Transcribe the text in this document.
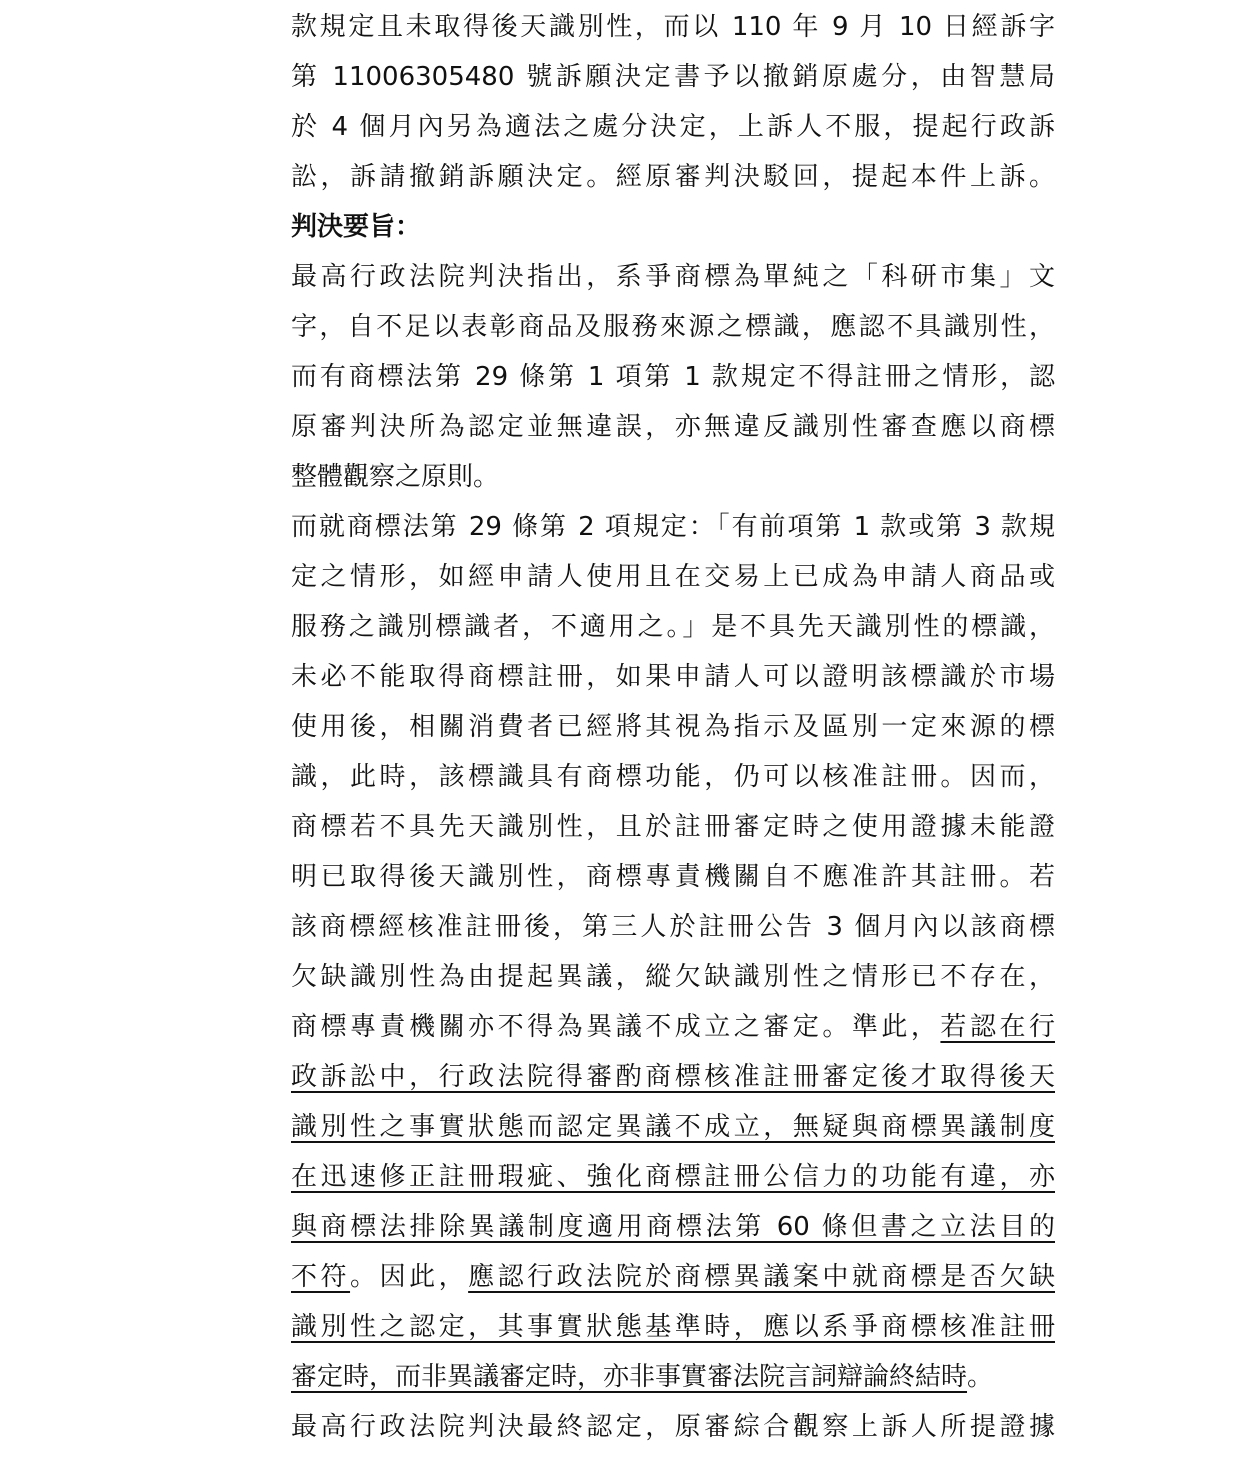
款規定且未取得後天識別性，而以 110 年 9 月 10 日經訴字
第 11006305480 號訴願決定書予以撤銷原處分，由智慧局
於 4 個月內另為適法之處分決定，上訴人不服，提起行政訴
訟，訴請撤銷訴願決定。經原審判決駁回，提起本件上訴。
判決要旨：
最高行政法院判決指出，系爭商標為單純之「科研市集」文
字，自不足以表彰商品及服務來源之標識，應認不具識別性，
而有商標法第 29 條第 1 項第 1 款規定不得註冊之情形，認
原審判決所為認定並無違誤，亦無違反識別性審查應以商標
整體觀察之原則。
而就商標法第 29 條第 2 項規定：「有前項第 1 款或第 3 款規
定之情形，如經申請人使用且在交易上已成為申請人商品或
服務之識別標識者，不適用之。」是不具先天識別性的標識，
未必不能取得商標註冊，如果申請人可以證明該標識於市場
使用後，相關消費者已經將其視為指示及區別一定來源的標
識，此時，該標識具有商標功能，仍可以核准註冊。因而，
商標若不具先天識別性，且於註冊審定時之使用證據未能證
明已取得後天識別性，商標專責機關自不應准許其註冊。若
該商標經核准註冊後，第三人於註冊公告 3 個月內以該商標
欠缺識別性為由提起異議，縱欠缺識別性之情形已不存在，
商標專責機關亦不得為異議不成立之審定。準此，若認在行
政訴訟中，行政法院得審酌商標核准註冊審定後才取得後天
識別性之事實狀態而認定異議不成立，無疑與商標異議制度
在迅速修正註冊瑕疵、強化商標註冊公信力的功能有違，亦
與商標法排除異議制度適用商標法第 60 條但書之立法目的
不符。因此，應認行政法院於商標異議案中就商標是否欠缺
識別性之認定，其事實狀態基準時，應以系爭商標核准註冊
審定時，而非異議審定時，亦非事實審法院言詞辯論終結時。
最高行政法院判決最終認定，原審綜合觀察上訴人所提證據
